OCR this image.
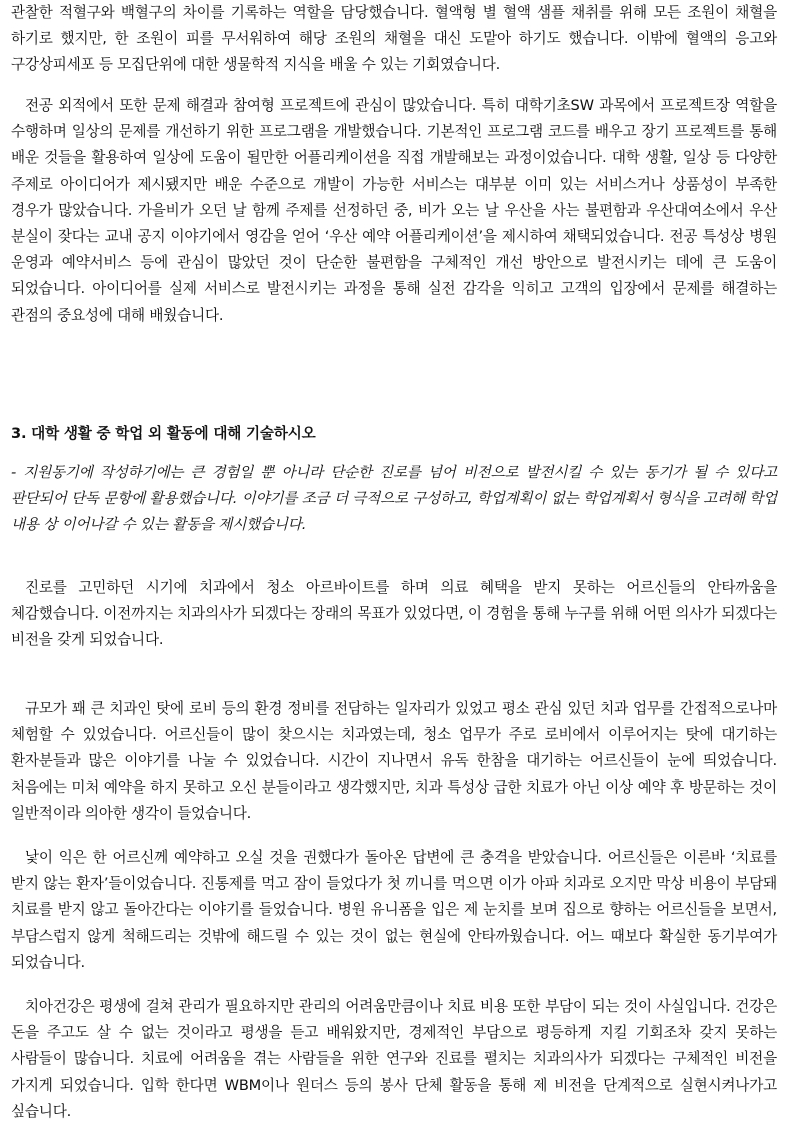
관찰한 적혈구와 백혈구의 차이를 기록하는 역할을 담당했습니다. 혈액형 별 혈액 샘플 채취를 위해 모든 조원이 채혈을 하기로 했지만, 한 조원이 피를 무서워하여 해당 조원의 채혈을 대신 도맡아 하기도 했습니다. 이밖에 혈액의 응고와 구강상피세포 등 모집단위에 대한 생물학적 지식을 배울 수 있는 기회였습니다.

전공 외적에서 또한 문제 해결과 참여형 프로젝트에 관심이 많았습니다. 특히 대학기초SW 과목에서 프로젝트장 역할을 수행하며 일상의 문제를 개선하기 위한 프로그램을 개발했습니다. 기본적인 프로그램 코드를 배우고 장기 프로젝트를 통해 배운 것들을 활용하여 일상에 도움이 될만한 어플리케이션을 직접 개발해보는 과정이었습니다. 대학 생활, 일상 등 다양한 주제로 아이디어가 제시됐지만 배운 수준으로 개발이 가능한 서비스는 대부분 이미 있는 서비스거나 상품성이 부족한 경우가 많았습니다. 가을비가 오던 날 함께 주제를 선정하던 중, 비가 오는 날 우산을 사는 불편함과 우산대여소에서 우산 분실이 잦다는 교내 공지 이야기에서 영감을 얻어 ‘우산 예약 어플리케이션’을 제시하여 채택되었습니다. 전공 특성상 병원 운영과 예약서비스 등에 관심이 많았던 것이 단순한 불편함을 구체적인 개선 방안으로 발전시키는 데에 큰 도움이 되었습니다. 아이디어를 실제 서비스로 발전시키는 과정을 통해 실전 감각을 익히고 고객의 입장에서 문제를 해결하는 관점의 중요성에 대해 배웠습니다.

3. 대학 생활 중 학업 외 활동에 대해 기술하시오

- 지원동기에 작성하기에는 큰 경험일 뿐 아니라 단순한 진로를 넘어 비전으로 발전시킬 수 있는 동기가 될 수 있다고 판단되어 단독 문항에 활용했습니다. 이야기를 조금 더 극적으로 구성하고, 학업계획이 없는 학업계획서 형식을 고려해 학업 내용 상 이어나갈 수 있는 활동을 제시했습니다.

진로를 고민하던 시기에 치과에서 청소 아르바이트를 하며 의료 혜택을 받지 못하는 어르신들의 안타까움을 체감했습니다. 이전까지는 치과의사가 되겠다는 장래의 목표가 있었다면, 이 경험을 통해 누구를 위해 어떤 의사가 되겠다는 비전을 갖게 되었습니다.

규모가 꽤 큰 치과인 탓에 로비 등의 환경 정비를 전담하는 일자리가 있었고 평소 관심 있던 치과 업무를 간접적으로나마 체험할 수 있었습니다. 어르신들이 많이 찾으시는 치과였는데, 청소 업무가 주로 로비에서 이루어지는 탓에 대기하는 환자분들과 많은 이야기를 나눌 수 있었습니다. 시간이 지나면서 유독 한참을 대기하는 어르신들이 눈에 띄었습니다. 처음에는 미처 예약을 하지 못하고 오신 분들이라고 생각했지만, 치과 특성상 급한 치료가 아닌 이상 예약 후 방문하는 것이 일반적이라 의아한 생각이 들었습니다.

낯이 익은 한 어르신께 예약하고 오실 것을 권했다가 돌아온 답변에 큰 충격을 받았습니다. 어르신들은 이른바 ‘치료를 받지 않는 환자’들이었습니다. 진통제를 먹고 잠이 들었다가 첫 끼니를 먹으면 이가 아파 치과로 오지만 막상 비용이 부담돼 치료를 받지 않고 돌아간다는 이야기를 들었습니다. 병원 유니폼을 입은 제 눈치를 보며 집으로 향하는 어르신들을 보면서, 부담스럽지 않게 척해드리는 것밖에 해드릴 수 있는 것이 없는 현실에 안타까웠습니다. 어느 때보다 확실한 동기부여가 되었습니다.

치아건강은 평생에 걸쳐 관리가 필요하지만 관리의 어려움만큼이나 치료 비용 또한 부담이 되는 것이 사실입니다. 건강은 돈을 주고도 살 수 없는 것이라고 평생을 듣고 배워왔지만, 경제적인 부담으로 평등하게 지킬 기회조차 갖지 못하는 사람들이 많습니다. 치료에 어려움을 겪는 사람들을 위한 연구와 진료를 펼치는 치과의사가 되겠다는 구체적인 비전을 가지게 되었습니다. 입학 한다면 WBM이나 원더스 등의 봉사 단체 활동을 통해 제 비전을 단계적으로 실현시켜나가고 싶습니다.
